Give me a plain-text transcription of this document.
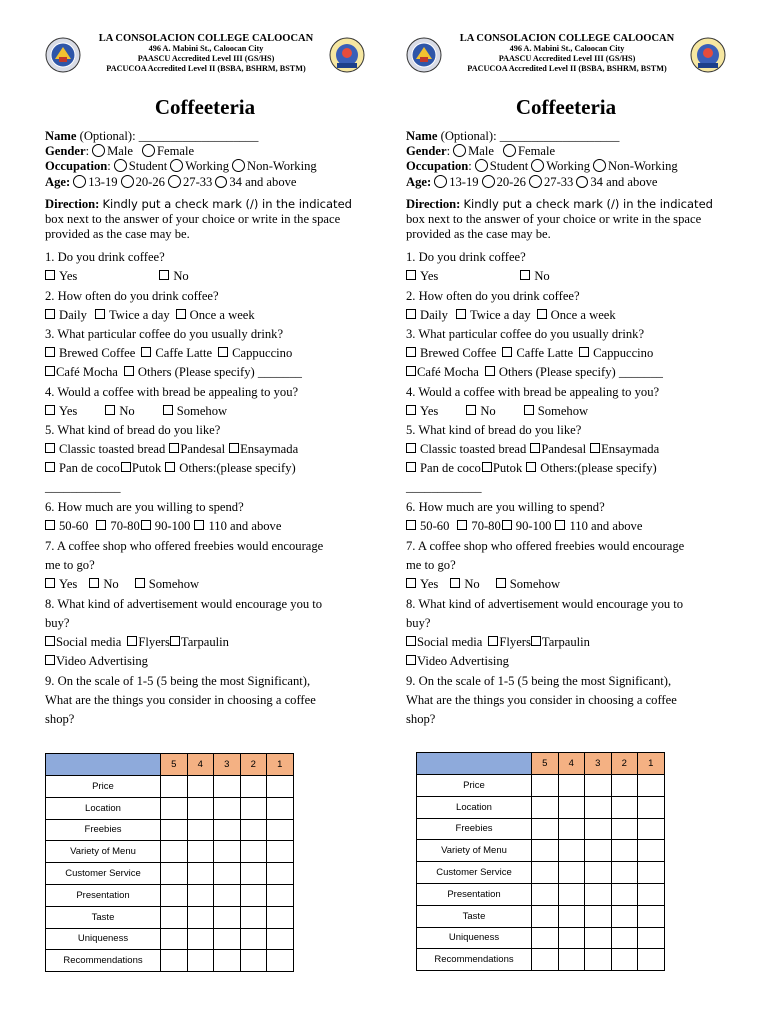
LA CONSOLACION COLLEGE CALOOCAN
496 A. Mabini St., Caloocan City
PAASCU Accredited Level III (GS/HS)
PACUCOA Accredited Level II (BSBA, BSHRM, BSTM)
Coffeeteria
Name (Optional): ___________________
Gender: Male Female
Occupation: Student Working Non-Working
Age: 13-19 20-26 27-33 34 and above
Direction: Kindly put a check mark (/) in the indicated box next to the answer of your choice or write in the space provided as the case may be.
1. Do you drink coffee?
Yes	No
2. How often do you drink coffee?
Daily Twice a day Once a week
3. What particular coffee do you usually drink?
Brewed Coffee Caffe Latte Cappuccino
Café Mocha Others (Please specify) _______
4. Would a coffee with bread be appealing to you?
Yes	No	Somehow
5. What kind of bread do you like?
Classic toasted bread Pandesal Ensaymada
Pan de coco Putok Others:(please specify)
____________
6. How much are you willing to spend?
50-60 70-80 90-100 110 and above
7. A coffee shop who offered freebies would encourage
me to go?
Yes No Somehow
8. What kind of advertisement would encourage you to
buy?
Social media Flyers Tarpaulin
Video Advertising
9. On the scale of 1-5 (5 being the most Significant),
What are the things you consider in choosing a coffee
shop?
	5	4	3	2	1
Price					
Location					
Freebies					
Variety of Menu					
Customer Service					
Presentation					
Taste					
Uniqueness					
Recommendations					
LA CONSOLACION COLLEGE CALOOCAN
496 A. Mabini St., Caloocan City
PAASCU Accredited Level III (GS/HS)
PACUCOA Accredited Level II (BSBA, BSHRM, BSTM)
Coffeeteria
Name (Optional): ___________________
Gender: Male Female
Occupation: Student Working Non-Working
Age: 13-19 20-26 27-33 34 and above
Direction: Kindly put a check mark (/) in the indicated box next to the answer of your choice or write in the space provided as the case may be.
1. Do you drink coffee?
Yes	No
2. How often do you drink coffee?
Daily Twice a day Once a week
3. What particular coffee do you usually drink?
Brewed Coffee Caffe Latte Cappuccino
Café Mocha Others (Please specify) _______
4. Would a coffee with bread be appealing to you?
Yes	No	Somehow
5. What kind of bread do you like?
Classic toasted bread Pandesal Ensaymada
Pan de coco Putok Others:(please specify)
____________
6. How much are you willing to spend?
50-60 70-80 90-100 110 and above
7. A coffee shop who offered freebies would encourage
me to go?
Yes No Somehow
8. What kind of advertisement would encourage you to
buy?
Social media Flyers Tarpaulin
Video Advertising
9. On the scale of 1-5 (5 being the most Significant),
What are the things you consider in choosing a coffee
shop?
	5	4	3	2	1
Price					
Location					
Freebies					
Variety of Menu					
Customer Service					
Presentation					
Taste					
Uniqueness					
Recommendations					
